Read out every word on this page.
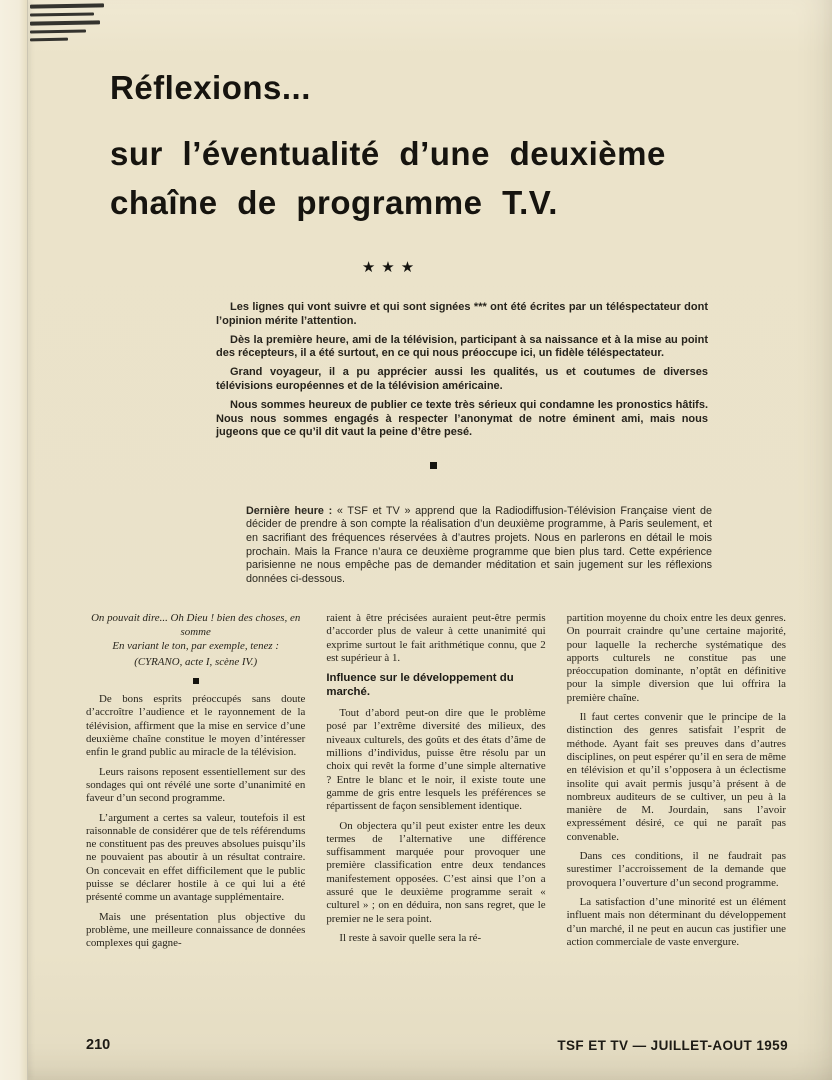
Réflexions...
sur l’éventualité d’une deuxième
chaîne de programme T.V.
★★★

Les lignes qui vont suivre et qui sont signées *** ont été écrites par un téléspectateur dont l’opinion mérite l’attention.

Dès la première heure, ami de la télévision, participant à sa naissance et à la mise au point des récepteurs, il a été surtout, en ce qui nous préoccupe ici, un fidèle téléspectateur.

Grand voyageur, il a pu apprécier aussi les qualités, us et coutumes de diverses télévisions européennes et de la télévision américaine.

Nous sommes heureux de publier ce texte très sérieux qui condamne les pronostics hâtifs. Nous nous sommes engagés à respecter l’anonymat de notre éminent ami, mais nous jugeons que ce qu’il dit vaut la peine d’être pesé.

Dernière heure : « TSF et TV » apprend que la Radiodiffusion-Télévision Française vient de décider de prendre à son compte la réalisation d’un deuxième programme, à Paris seulement, et en sacrifiant des fréquences réservées à d’autres projets. Nous en parlerons en détail le mois prochain. Mais la France n’aura ce deuxième programme que bien plus tard. Cette expérience parisienne ne nous empêche pas de demander méditation et sain jugement sur les réflexions données ci-dessous.

On pouvait dire... Oh Dieu ! bien des choses, en somme
En variant le ton, par exemple, tenez :
(CYRANO, acte I, scène IV.)

De bons esprits préoccupés sans doute d’accroître l’audience et le rayonnement de la télévision, affirment que la mise en service d’une deuxième chaîne constitue le moyen d’intéresser enfin le grand public au miracle de la télévision.

Leurs raisons reposent essentiellement sur des sondages qui ont révélé une sorte d’unanimité en faveur d’un second programme.

L’argument a certes sa valeur, toutefois il est raisonnable de considérer que de tels référendums ne constituent pas des preuves absolues puisqu’ils ne pouvaient pas aboutir à un résultat contraire. On concevait en effet difficilement que le public puisse se déclarer hostile à ce qui lui a été présenté comme un avantage supplémentaire.

Mais une présentation plus objective du problème, une meilleure connaissance de données complexes qui gagne-

raient à être précisées auraient peut-être permis d’accorder plus de valeur à cette unanimité qui exprime surtout le fait arithmétique connu, que 2 est supérieur à 1.

Influence sur le développement du marché.

Tout d’abord peut-on dire que le problème posé par l’extrême diversité des milieux, des niveaux culturels, des goûts et des états d’âme de millions d’individus, puisse être résolu par un choix qui revêt la forme d’une simple alternative ? Entre le blanc et le noir, il existe toute une gamme de gris entre lesquels les préférences se répartissent de façon sensiblement identique.

On objectera qu’il peut exister entre les deux termes de l’alternative une différence suffisamment marquée pour provoquer une première classification entre deux tendances manifestement opposées. C’est ainsi que l’on a assuré que le deuxième programme serait « culturel » ; on en déduira, non sans regret, que le premier ne le sera point.

Il reste à savoir quelle sera la ré-

partition moyenne du choix entre les deux genres. On pourrait craindre qu’une certaine majorité, pour laquelle la recherche systématique des apports culturels ne constitue pas une préoccupation dominante, n’optât en définitive pour la simple diversion que lui offrira la première chaîne.

Il faut certes convenir que le principe de la distinction des genres satisfait l’esprit de méthode. Ayant fait ses preuves dans d’autres disciplines, on peut espérer qu’il en sera de même en télévision et qu’il s’opposera à un éclectisme insolite qui avait permis jusqu’à présent à de nombreux auditeurs de se cultiver, un peu à la manière de M. Jourdain, sans l’avoir expressément désiré, ce qui ne paraît pas convenable.

Dans ces conditions, il ne faudrait pas surestimer l’accroissement de la demande que provoquera l’ouverture d’un second programme.

La satisfaction d’une minorité est un élément influent mais non déterminant du développement d’un marché, il ne peut en aucun cas justifier une action commerciale de vaste envergure.

210	TSF ET TV — JUILLET-AOUT 1959
